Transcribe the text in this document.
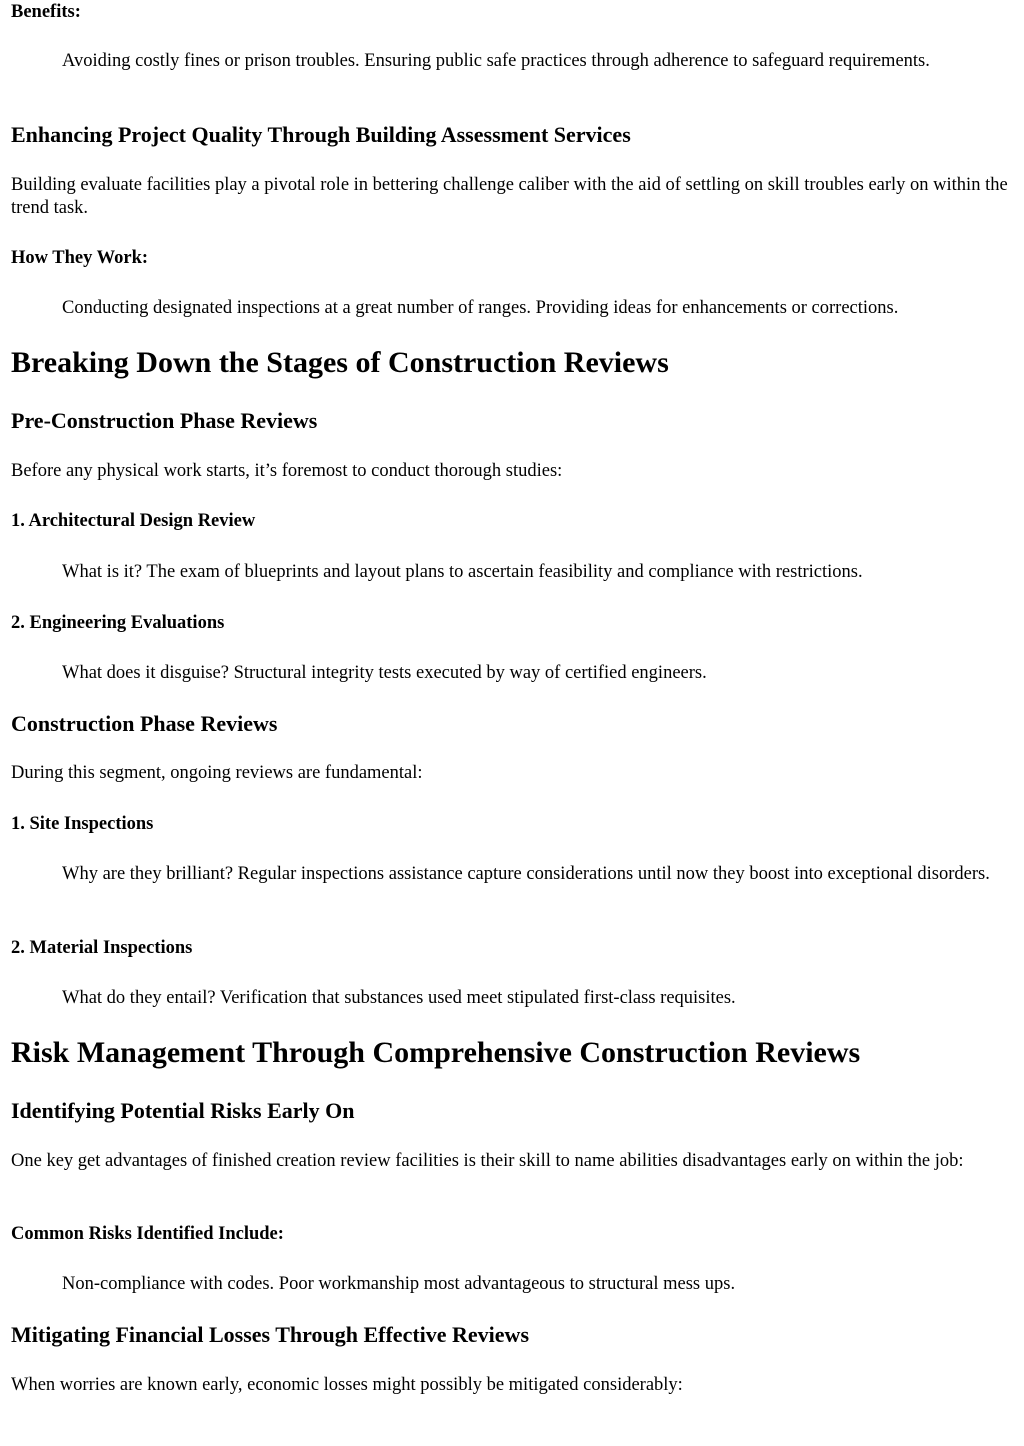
Benefits:
Avoiding costly fines or prison troubles. Ensuring public safe practices through adherence to safeguard requirements.
Enhancing Project Quality Through Building Assessment Services
Building evaluate facilities play a pivotal role in bettering challenge caliber with the aid of settling on skill troubles early on within the trend task.
How They Work:
Conducting designated inspections at a great number of ranges. Providing ideas for enhancements or corrections.
Breaking Down the Stages of Construction Reviews
Pre-Construction Phase Reviews
Before any physical work starts, it’s foremost to conduct thorough studies:
1. Architectural Design Review
What is it? The exam of blueprints and layout plans to ascertain feasibility and compliance with restrictions.
2. Engineering Evaluations
What does it disguise? Structural integrity tests executed by way of certified engineers.
Construction Phase Reviews
During this segment, ongoing reviews are fundamental:
1. Site Inspections
Why are they brilliant? Regular inspections assistance capture considerations until now they boost into exceptional disorders.
2. Material Inspections
What do they entail? Verification that substances used meet stipulated first-class requisites.
Risk Management Through Comprehensive Construction Reviews
Identifying Potential Risks Early On
One key get advantages of finished creation review facilities is their skill to name abilities disadvantages early on within the job:
Common Risks Identified Include:
Non-compliance with codes. Poor workmanship most advantageous to structural mess ups.
Mitigating Financial Losses Through Effective Reviews
When worries are known early, economic losses might possibly be mitigated considerably:
